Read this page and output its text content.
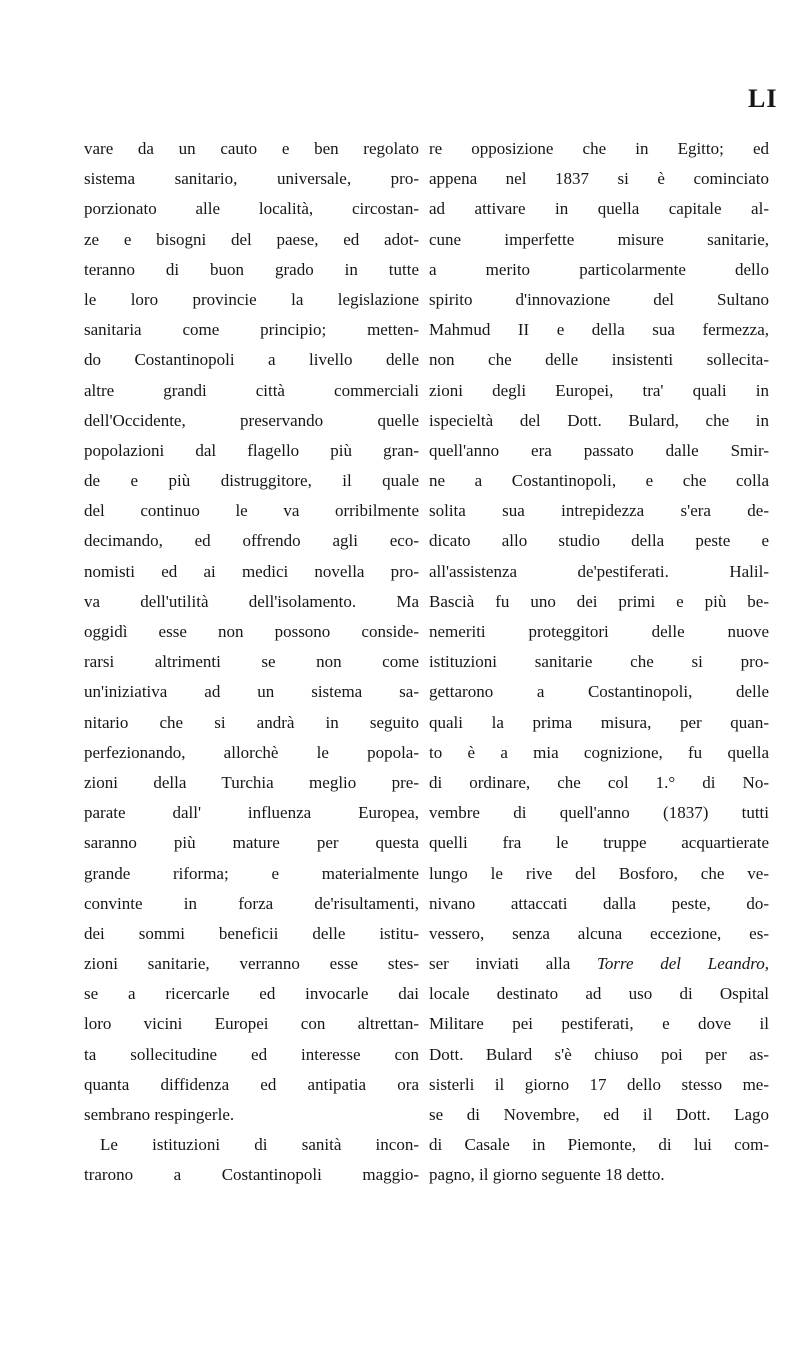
LI
vare da un cauto e ben regolato
sistema sanitario, universale, pro-
porzionato alle località, circostan-
ze e bisogni del paese, ed adot-
teranno di buon grado in tutte
le loro provincie la legislazione
sanitaria come principio; metten-
do Costantinopoli a livello delle
altre grandi città commerciali
dell'Occidente, preservando quelle
popolazioni dal flagello più gran-
de e più distruggitore, il quale
del continuo le va orribilmente
decimando, ed offrendo agli eco-
nomisti ed ai medici novella pro-
va dell'utilità dell'isolamento. Ma
oggidì esse non possono conside-
rarsi altrimenti se non come
un'iniziativa ad un sistema sa-
nitario che si andrà in seguito
perfezionando, allorchè le popola-
zioni della Turchia meglio pre-
parate dall' influenza Europea,
saranno più mature per questa
grande riforma; e materialmente
convinte in forza de'risultamenti,
dei sommi beneficii delle istitu-
zioni sanitarie, verranno esse stes-
se a ricercarle ed invocarle dai
loro vicini Europei con altrettan-
ta sollecitudine ed interesse con
quanta diffidenza ed antipatia ora
sembrano respingerle.
Le istituzioni di sanità incon-
trarono a Costantinopoli maggio-
re opposizione che in Egitto; ed
appena nel 1837 si è cominciato
ad attivare in quella capitale al-
cune imperfette misure sanitarie,
a merito particolarmente dello
spirito d'innovazione del Sultano
Mahmud II e della sua fermezza,
non che delle insistenti sollecita-
zioni degli Europei, tra' quali in
ispecieltà del Dott. Bulard, che in
quell'anno era passato dalle Smir-
ne a Costantinopoli, e che colla
solita sua intrepidezza s'era de-
dicato allo studio della peste e
all'assistenza de'pestiferati. Halil-
Bascià fu uno dei primi e più be-
nemeriti proteggitori delle nuove
istituzioni sanitarie che si pro-
gettarono a Costantinopoli, delle
quali la prima misura, per quan-
to è a mia cognizione, fu quella
di ordinare, che col 1.° di No-
vembre di quell'anno (1837) tutti
quelli fra le truppe acquartierate
lungo le rive del Bosforo, che ve-
nivano attaccati dalla peste, do-
vessero, senza alcuna eccezione, es-
ser inviati alla Torre del Leandro,
locale destinato ad uso di Ospital
Militare pei pestiferati, e dove il
Dott. Bulard s'è chiuso poi per as-
sisterli il giorno 17 dello stesso me-
se di Novembre, ed il Dott. Lago
di Casale in Piemonte, di lui com-
pagno, il giorno seguente 18 detto.
